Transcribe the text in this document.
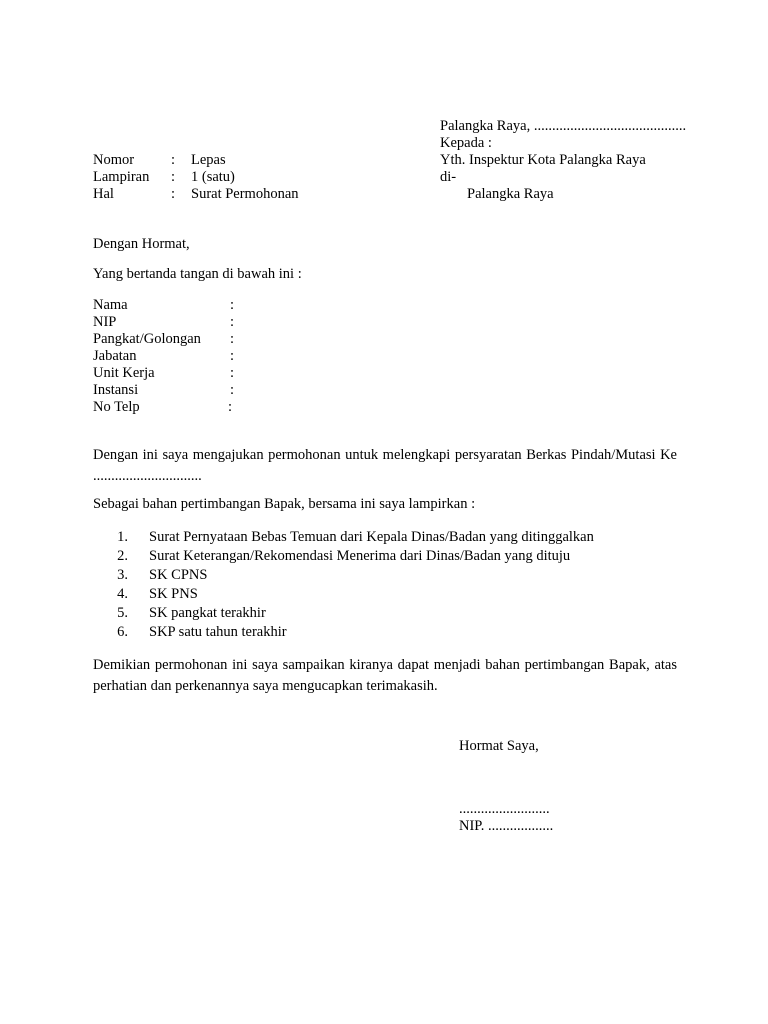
Palangka Raya, ..........................................
Kepada :
Yth. Inspektur Kota Palangka Raya
di-
Palangka Raya
Nomor	: Lepas
Lampiran : 1 (satu)
Hal	: Surat Permohonan
Dengan Hormat,
Yang bertanda tangan di bawah ini :
Nama	:
NIP	:
Pangkat/Golongan :
Jabatan	:
Unit Kerja	:
Instansi	:
No Telp	:
Dengan ini saya mengajukan permohonan untuk melengkapi persyaratan Berkas Pindah/Mutasi Ke ..............................
Sebagai bahan pertimbangan Bapak, bersama ini saya lampirkan :
1. Surat Pernyataan Bebas Temuan dari Kepala Dinas/Badan yang ditinggalkan
2. Surat Keterangan/Rekomendasi Menerima dari Dinas/Badan yang dituju
3. SK CPNS
4. SK PNS
5. SK pangkat terakhir
6. SKP satu tahun terakhir
Demikian permohonan ini saya sampaikan kiranya dapat menjadi bahan pertimbangan Bapak, atas perhatian dan perkenannya saya mengucapkan terimakasih.
Hormat Saya,
.........................
NIP. ..................
